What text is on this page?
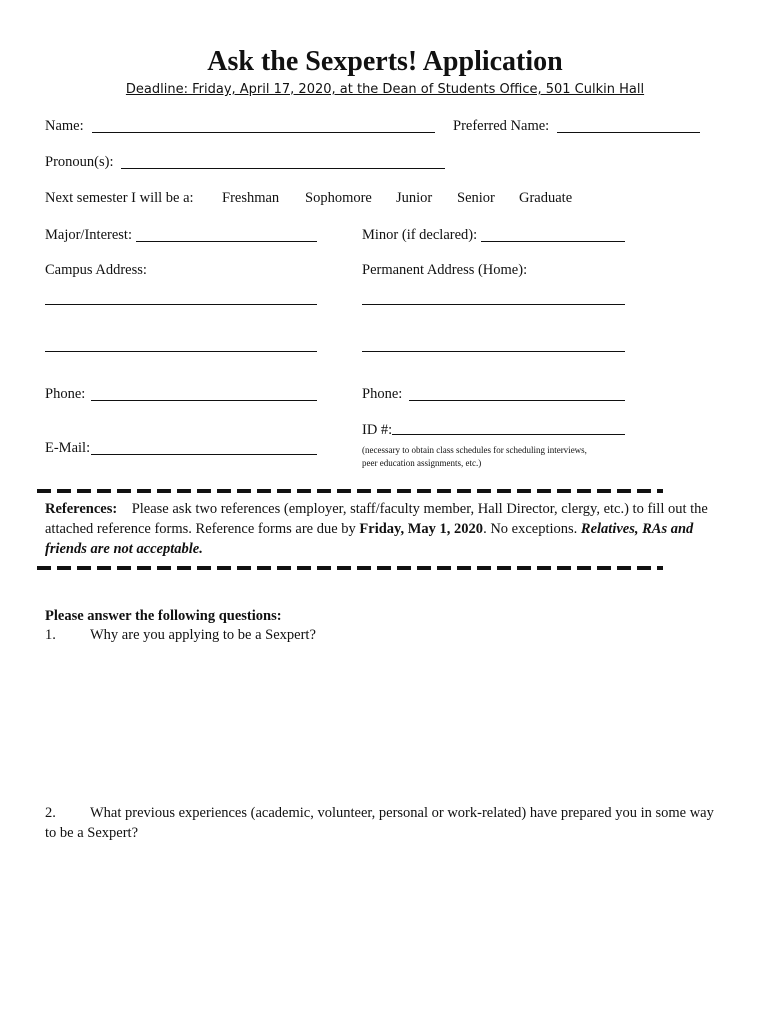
Ask the Sexperts! Application
Deadline: Friday, April 17, 2020, at the Dean of Students Office, 501 Culkin Hall
Name:	Preferred Name:
Pronoun(s):
Next semester I will be a: Freshman Sophomore Junior Senior Graduate
Major/Interest:	Minor (if declared):
Campus Address:	Permanent Address (Home):
Phone:	Phone:
ID #:
(necessary to obtain class schedules for scheduling interviews,
peer education assignments, etc.)
E-Mail:
References: Please ask two references (employer, staff/faculty member, Hall Director, clergy, etc.) to fill out the attached reference forms. Reference forms are due by Friday, May 1, 2020. No exceptions. Relatives, RAs and friends are not acceptable.
Please answer the following questions:
1. Why are you applying to be a Sexpert?
2. What previous experiences (academic, volunteer, personal or work-related) have prepared you in some way to be a Sexpert?
